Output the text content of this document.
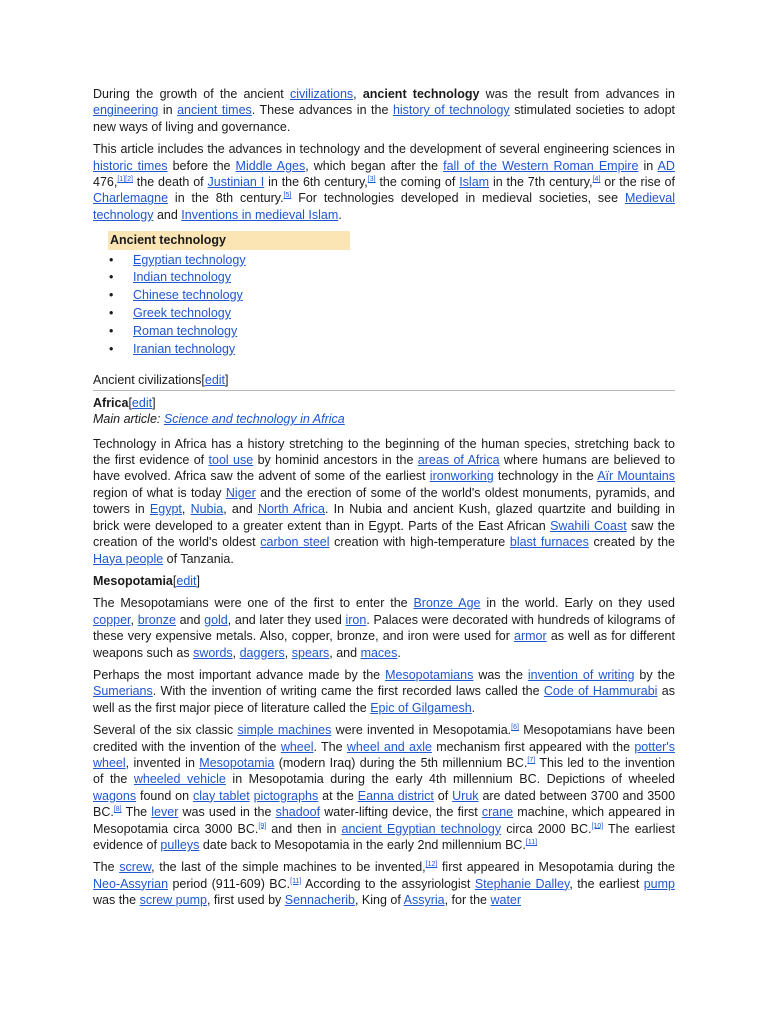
During the growth of the ancient civilizations, ancient technology was the result from advances in engineering in ancient times. These advances in the history of technology stimulated societies to adopt new ways of living and governance.

This article includes the advances in technology and the development of several engineering sciences in historic times before the Middle Ages, which began after the fall of the Western Roman Empire in AD 476,[1][2] the death of Justinian I in the 6th century,[3] the coming of Islam in the 7th century,[4] or the rise of Charlemagne in the 8th century.[5] For technologies developed in medieval societies, see Medieval technology and Inventions in medieval Islam.

Ancient technology
• Egyptian technology
• Indian technology
• Chinese technology
• Greek technology
• Roman technology
• Iranian technology
Ancient civilizations[edit]
Africa[edit]
Main article: Science and technology in Africa

Technology in Africa has a history stretching to the beginning of the human species, stretching back to the first evidence of tool use by hominid ancestors in the areas of Africa where humans are believed to have evolved. Africa saw the advent of some of the earliest ironworking technology in the Aïr Mountains region of what is today Niger and the erection of some of the world's oldest monuments, pyramids, and towers in Egypt, Nubia, and North Africa. In Nubia and ancient Kush, glazed quartzite and building in brick were developed to a greater extent than in Egypt. Parts of the East African Swahili Coast saw the creation of the world's oldest carbon steel creation with high-temperature blast furnaces created by the Haya people of Tanzania.

Mesopotamia[edit]

The Mesopotamians were one of the first to enter the Bronze Age in the world. Early on they used copper, bronze and gold, and later they used iron. Palaces were decorated with hundreds of kilograms of these very expensive metals. Also, copper, bronze, and iron were used for armor as well as for different weapons such as swords, daggers, spears, and maces.

Perhaps the most important advance made by the Mesopotamians was the invention of writing by the Sumerians. With the invention of writing came the first recorded laws called the Code of Hammurabi as well as the first major piece of literature called the Epic of Gilgamesh.

Several of the six classic simple machines were invented in Mesopotamia.[6] Mesopotamians have been credited with the invention of the wheel. The wheel and axle mechanism first appeared with the potter's wheel, invented in Mesopotamia (modern Iraq) during the 5th millennium BC.[7] This led to the invention of the wheeled vehicle in Mesopotamia during the early 4th millennium BC. Depictions of wheeled wagons found on clay tablet pictographs at the Eanna district of Uruk are dated between 3700 and 3500 BC.[8] The lever was used in the shadoof water-lifting device, the first crane machine, which appeared in Mesopotamia circa 3000 BC.[9] and then in ancient Egyptian technology circa 2000 BC.[10] The earliest evidence of pulleys date back to Mesopotamia in the early 2nd millennium BC.[11]

The screw, the last of the simple machines to be invented,[12] first appeared in Mesopotamia during the Neo-Assyrian period (911-609) BC.[11] According to the assyriologist Stephanie Dalley, the earliest pump was the screw pump, first used by Sennacherib, King of Assyria, for the water
